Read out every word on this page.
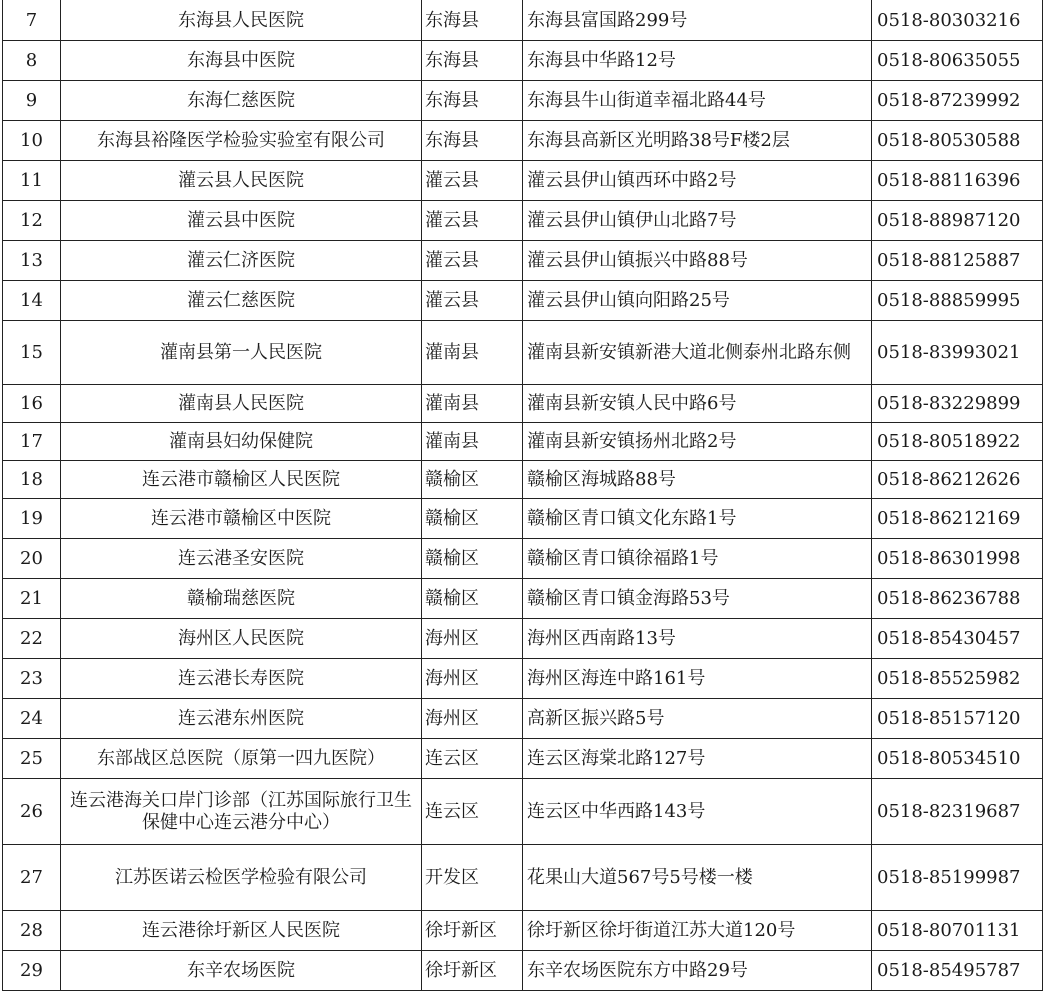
7	东海县人民医院	东海县	东海县富国路299号	0518-80303216
8	东海县中医院	东海县	东海县中华路12号	0518-80635055
9	东海仁慈医院	东海县	东海县牛山街道幸福北路44号	0518-87239992
10	东海县裕隆医学检验实验室有限公司	东海县	东海县高新区光明路38号F楼2层	0518-80530588
11	灌云县人民医院	灌云县	灌云县伊山镇西环中路2号	0518-88116396
12	灌云县中医院	灌云县	灌云县伊山镇伊山北路7号	0518-88987120
13	灌云仁济医院	灌云县	灌云县伊山镇振兴中路88号	0518-88125887
14	灌云仁慈医院	灌云县	灌云县伊山镇向阳路25号	0518-88859995
15	灌南县第一人民医院	灌南县	灌南县新安镇新港大道北侧泰州北路东侧	0518-83993021
16	灌南县人民医院	灌南县	灌南县新安镇人民中路6号	0518-83229899
17	灌南县妇幼保健院	灌南县	灌南县新安镇扬州北路2号	0518-80518922
18	连云港市赣榆区人民医院	赣榆区	赣榆区海城路88号	0518-86212626
19	连云港市赣榆区中医院	赣榆区	赣榆区青口镇文化东路1号	0518-86212169
20	连云港圣安医院	赣榆区	赣榆区青口镇徐福路1号	0518-86301998
21	赣榆瑞慈医院	赣榆区	赣榆区青口镇金海路53号	0518-86236788
22	海州区人民医院	海州区	海州区西南路13号	0518-85430457
23	连云港长寿医院	海州区	海州区海连中路161号	0518-85525982
24	连云港东州医院	海州区	高新区振兴路5号	0518-85157120
25	东部战区总医院（原第一四九医院）	连云区	连云区海棠北路127号	0518-80534510
26	连云港海关口岸门诊部（江苏国际旅行卫生保健中心连云港分中心）	连云区	连云区中华西路143号	0518-82319687
27	江苏医诺云检医学检验有限公司	开发区	花果山大道567号5号楼一楼	0518-85199987
28	连云港徐圩新区人民医院	徐圩新区	徐圩新区徐圩街道江苏大道120号	0518-80701131
29	东辛农场医院	徐圩新区	东辛农场医院东方中路29号	0518-85495787
